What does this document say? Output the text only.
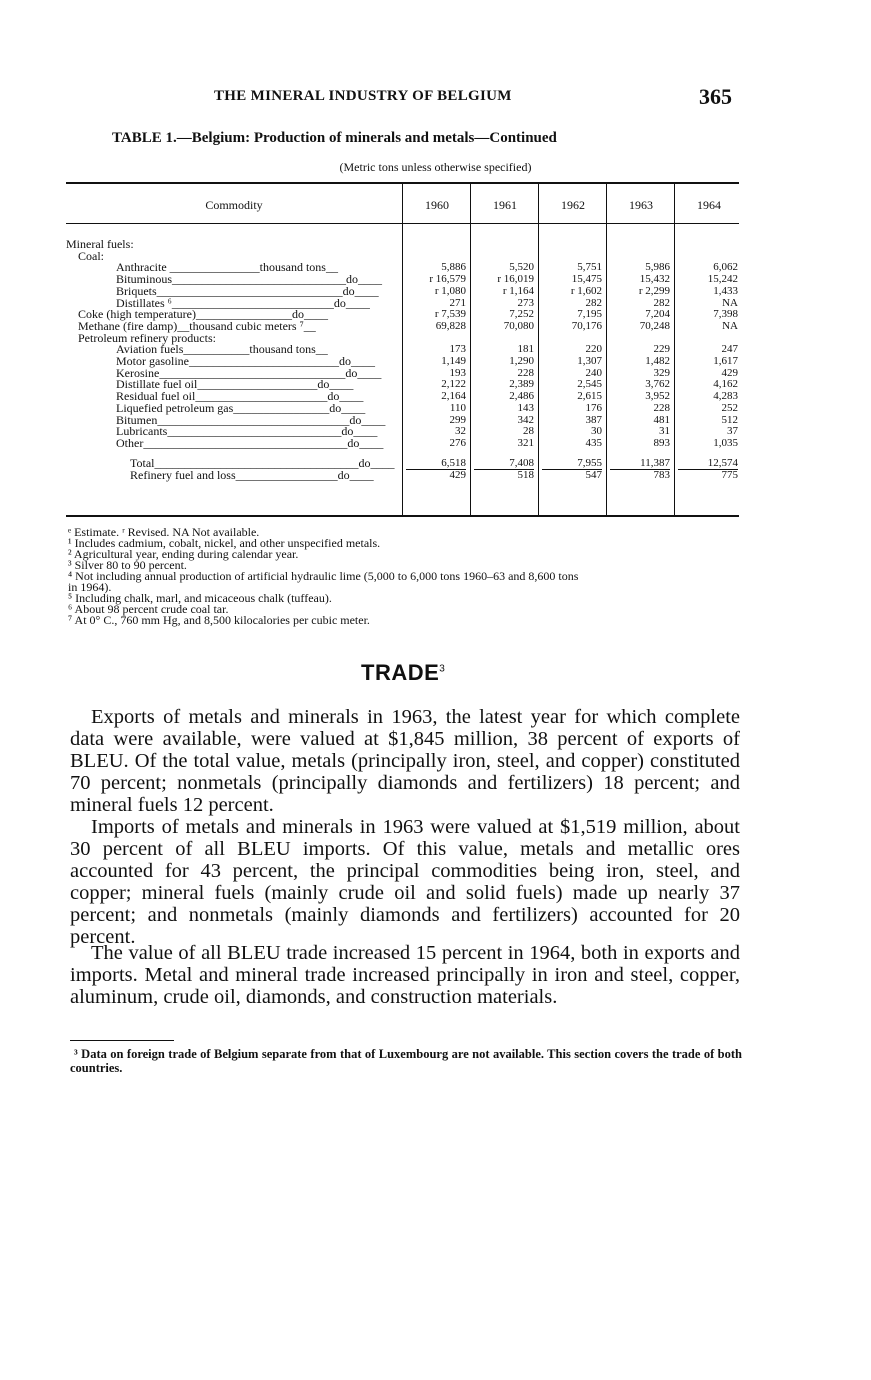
THE MINERAL INDUSTRY OF BELGIUM	365
TABLE 1.—Belgium: Production of minerals and metals—Continued
(Metric tons unless otherwise specified)
Commodity	1960	1961	1962	1963	1964
Mineral fuels:
Coal:
Anthracite _______________thousand tons__	5,886	5,520	5,751	5,986	6,062
Bituminous_____________________________do____	r 16,579	r 16,019	15,475	15,432	15,242
Briquets_______________________________do____	r 1,080	r 1,164	r 1,602	r 2,299	1,433
Distillates ⁶___________________________do____	271	273	282	282	NA
Coke (high temperature)________________do____	r 7,539	7,252	7,195	7,204	7,398
Methane (fire damp)__thousand cubic meters ⁷__	69,828	70,080	70,176	70,248	NA
Petroleum refinery products:
Aviation fuels___________thousand tons__	173	181	220	229	247
Motor gasoline_________________________do____	1,149	1,290	1,307	1,482	1,617
Kerosine_______________________________do____	193	228	240	329	429
Distillate fuel oil____________________do____	2,122	2,389	2,545	3,762	4,162
Residual fuel oil______________________do____	2,164	2,486	2,615	3,952	4,283
Liquefied petroleum gas________________do____	110	143	176	228	252
Bitumen________________________________do____	299	342	387	481	512
Lubricants_____________________________do____	32	28	30	31	37
Other__________________________________do____	276	321	435	893	1,035
Total__________________________________do____	6,518	7,408	7,955	11,387	12,574
Refinery fuel and loss_________________do____	429	518	547	783	775
ᵉ Estimate. ʳ Revised. NA Not available.
¹ Includes cadmium, cobalt, nickel, and other unspecified metals.
² Agricultural year, ending during calendar year.
³ Silver 80 to 90 percent.
⁴ Not including annual production of artificial hydraulic lime (5,000 to 6,000 tons 1960–63 and 8,600 tons
in 1964).
⁵ Including chalk, marl, and micaceous chalk (tuffeau).
⁶ About 98 percent crude coal tar.
⁷ At 0° C., 760 mm Hg, and 8,500 kilocalories per cubic meter.
TRADE$^3$
Exports of metals and minerals in 1963, the latest year for which complete data were available, were valued at $1,845 million, 38 percent of exports of BLEU. Of the total value, metals (principally iron, steel, and copper) constituted 70 percent; nonmetals (principally diamonds and fertilizers) 18 percent; and mineral fuels 12 percent.
Imports of metals and minerals in 1963 were valued at $1,519 million, about 30 percent of all BLEU imports. Of this value, metals and metallic ores accounted for 43 percent, the principal commodities being iron, steel, and copper; mineral fuels (mainly crude oil and solid fuels) made up nearly 37 percent; and nonmetals (mainly diamonds and fertilizers) accounted for 20 percent.
The value of all BLEU trade increased 15 percent in 1964, both in exports and imports. Metal and mineral trade increased principally in iron and steel, copper, aluminum, crude oil, diamonds, and construction materials.
³ Data on foreign trade of Belgium separate from that of Luxembourg are not available. This section covers the trade of both countries.
